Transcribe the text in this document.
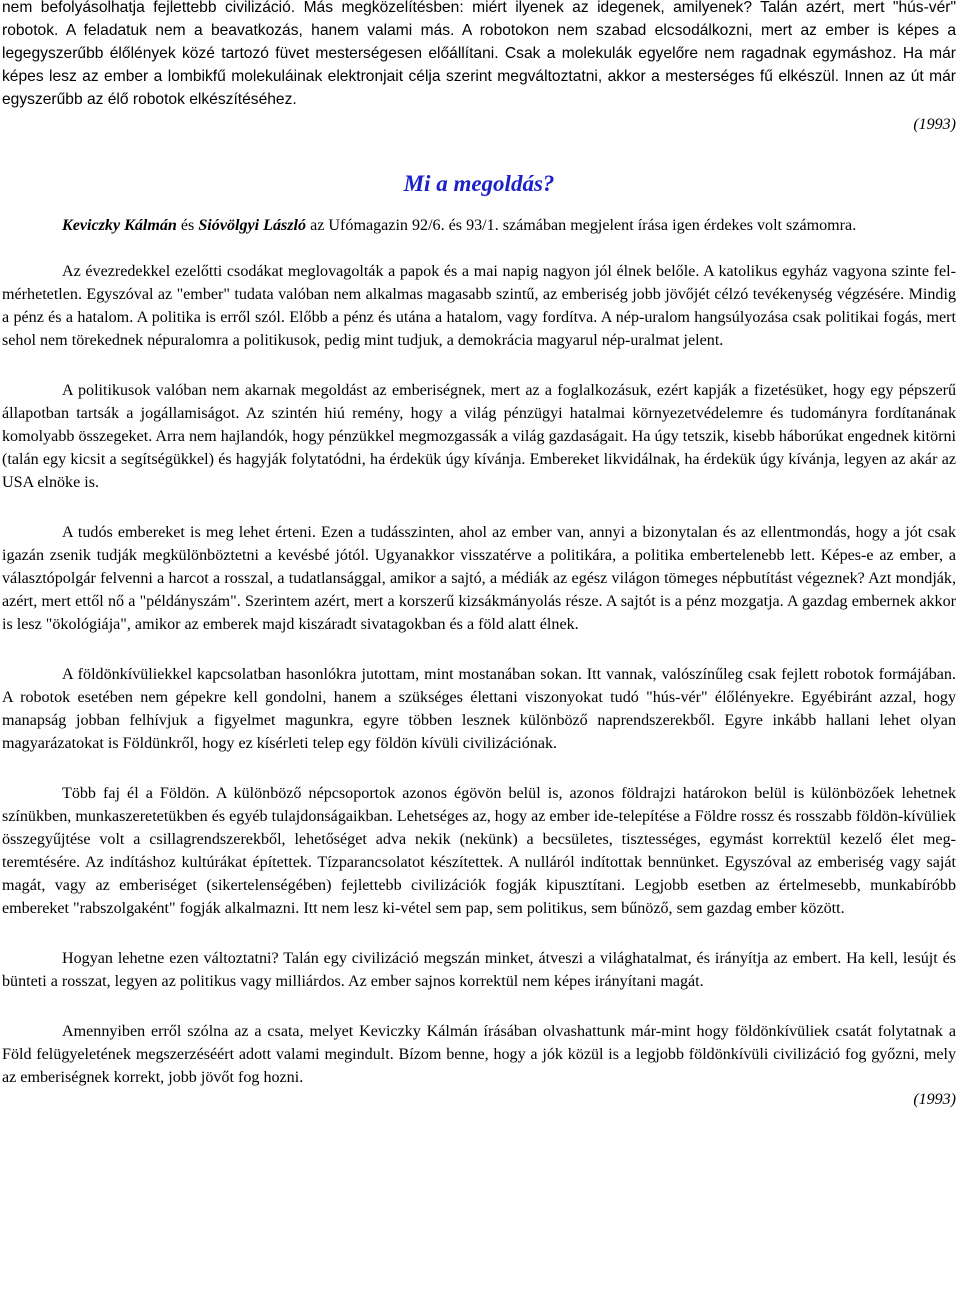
nem befolyásolhatja fejlettebb civilizáció. Más megközelítésben: miért ilyenek az idegenek, amilyenek? Talán azért, mert "hús-vér" robotok. A feladatuk nem a beavatkozás, hanem valami más. A robotokon nem szabad elcsodálkozni, mert az ember is képes a legegyszerűbb élőlények közé tartozó füvet mesterségesen előállítani. Csak a molekulák egyelőre nem ragadnak egymáshoz. Ha már képes lesz az ember a lombikfű molekuláinak elektronjait célja szerint megváltoztatni, akkor a mesterséges fű elkészül. Innen az út már egyszerűbb az élő robotok elkészítéséhez.

(1993)

Mi a megoldás?

Keviczky Kálmán és Sióvölgyi László az Ufómagazin 92/6. és 93/1. számában megjelent írása igen érdekes volt számomra.

Az évezredekkel ezelőtti csodákat meglovagolták a papok és a mai napig nagyon jól élnek belőle. A katolikus egyház vagyona szinte fel-mérhetetlen. Egyszóval az "ember" tudata valóban nem alkalmas magasabb szintű, az emberiség jobb jövőjét célzó tevékenység végzésére. Mindig a pénz és a hatalom. A politika is erről szól. Előbb a pénz és utána a hatalom, vagy fordítva. A nép-uralom hangsúlyozása csak politikai fogás, mert sehol nem törekednek népuralomra a politikusok, pedig mint tudjuk, a demokrácia magyarul nép-uralmat jelent.

A politikusok valóban nem akarnak megoldást az emberiségnek, mert az a foglalkozásuk, ezért kapják a fizetésüket, hogy egy pépszerű állapotban tartsák a jogállamiságot. Az szintén hiú remény, hogy a világ pénzügyi hatalmai környezetvédelemre és tudományra fordítanának komolyabb összegeket. Arra nem hajlandók, hogy pénzükkel megmozgassák a világ gazdaságait. Ha úgy tetszik, kisebb háborúkat engednek kitörni (talán egy kicsit a segítségükkel) és hagyják folytatódni, ha érdekük úgy kívánja. Embereket likvidálnak, ha érdekük úgy kívánja, legyen az akár az USA elnöke is.

A tudós embereket is meg lehet érteni. Ezen a tudásszinten, ahol az ember van, annyi a bizonytalan és az ellentmondás, hogy a jót csak igazán zsenik tudják megkülönböztetni a kevésbé jótól. Ugyanakkor visszatérve a politikára, a politika embertelenebb lett. Képes-e az ember, a választópolgár felvenni a harcot a rosszal, a tudatlansággal, amikor a sajtó, a médiák az egész világon tömeges népbutítást végeznek? Azt mondják, azért, mert ettől nő a "példányszám". Szerintem azért, mert a korszerű kizsákmányolás része. A sajtót is a pénz mozgatja. A gazdag embernek akkor is lesz "ökológiája", amikor az emberek majd kiszáradt sivatagokban és a föld alatt élnek.

A földönkívüliekkel kapcsolatban hasonlókra jutottam, mint mostanában sokan. Itt vannak, valószínűleg csak fejlett robotok formájában. A robotok esetében nem gépekre kell gondolni, hanem a szükséges élettani viszonyokat tudó "hús-vér" élőlényekre. Egyébiránt azzal, hogy manapság jobban felhívjuk a figyelmet magunkra, egyre többen lesznek különböző naprendszerekből. Egyre inkább hallani lehet olyan magyarázatokat is Földünkről, hogy ez kísérleti telep egy földön kívüli civilizációnak.

Több faj él a Földön. A különböző népcsoportok azonos égövön belül is, azonos földrajzi határokon belül is különbözőek lehetnek színükben, munkaszeretetükben és egyéb tulajdonságaikban. Lehetséges az, hogy az ember ide-telepítése a Földre rossz és rosszabb földön-kívüliek összegyűjtése volt a csillagrendszerekből, lehetőséget adva nekik (nekünk) a becsületes, tisztességes, egymást korrektül kezelő élet meg-teremtésére. Az indításhoz kultúrákat építettek. Tízparancsolatot készítettek. A nulláról indítottak bennünket. Egyszóval az emberiség vagy saját magát, vagy az emberiséget (sikertelenségében) fejlettebb civilizációk fogják kipusztítani. Legjobb esetben az értelmesebb, munkabíróbb embereket "rabszolgaként" fogják alkalmazni. Itt nem lesz ki-vétel sem pap, sem politikus, sem bűnöző, sem gazdag ember között.

Hogyan lehetne ezen változtatni? Talán egy civilizáció megszán minket, átveszi a világhatalmat, és irányítja az embert. Ha kell, lesújt és bünteti a rosszat, legyen az politikus vagy milliárdos. Az ember sajnos korrektül nem képes irányítani magát.

Amennyiben erről szólna az a csata, melyet Keviczky Kálmán írásában olvashattunk már-mint hogy földönkívüliek csatát folytatnak a Föld felügyeletének megszerzéséért adott valami megindult. Bízom benne, hogy a jók közül is a legjobb földönkívüli civilizáció fog győzni, mely az emberiségnek korrekt, jobb jövőt fog hozni.

(1993)
